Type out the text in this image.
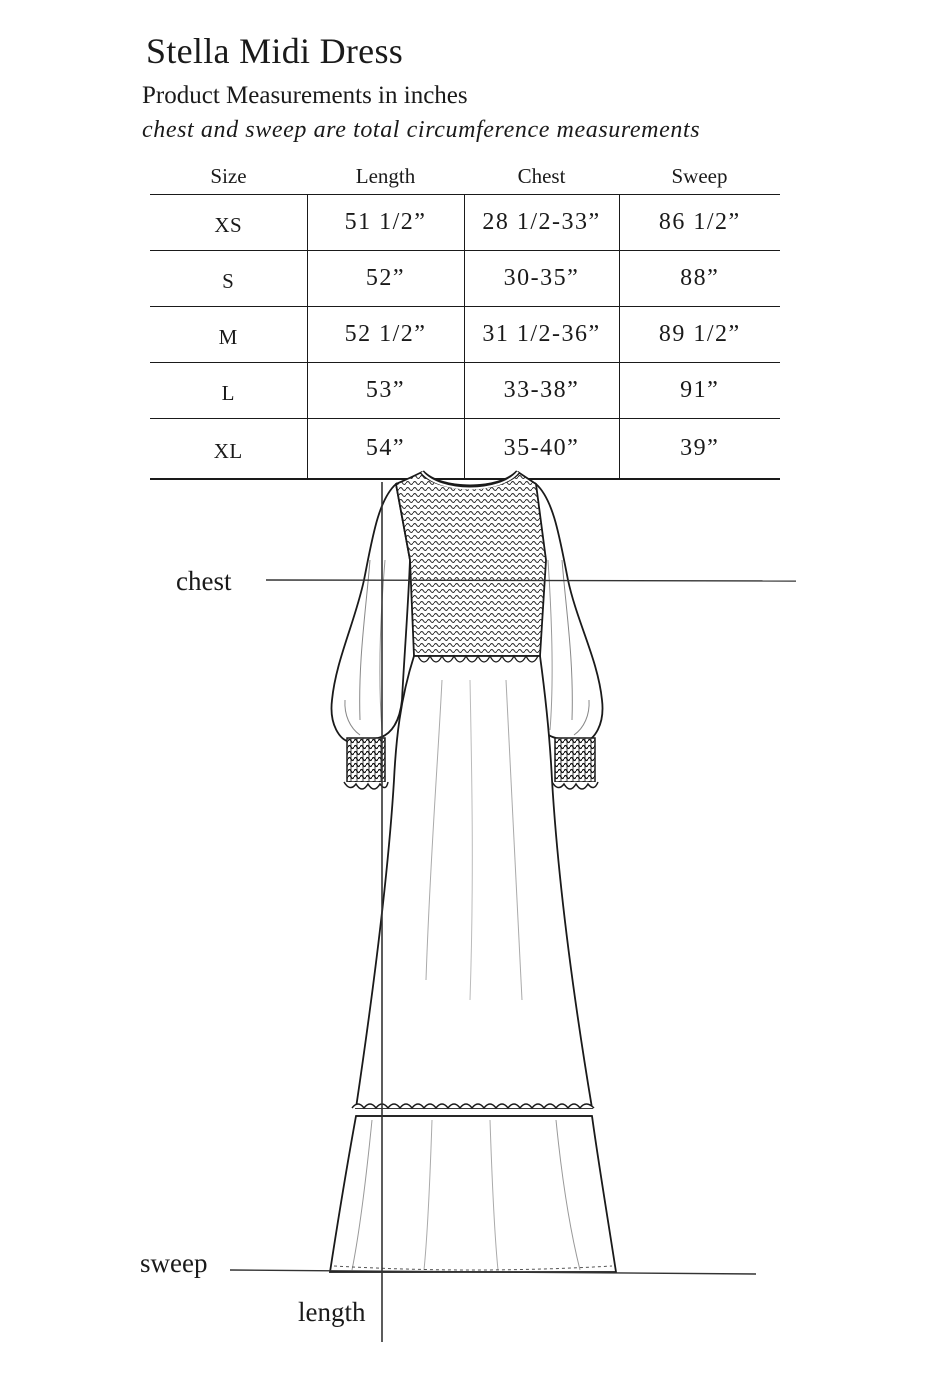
Stella Midi Dress

Product Measurements in inches

chest and sweep are total circumference measurements

Size	Length	Chest	Sweep
XS	51 1/2”	28 1/2-33”	86 1/2”
S	52”	30-35”	88”
M	52 1/2”	31 1/2-36”	89 1/2”
L	53”	33-38”	91”
XL	54”	35-40”	39”

chest

sweep

length
